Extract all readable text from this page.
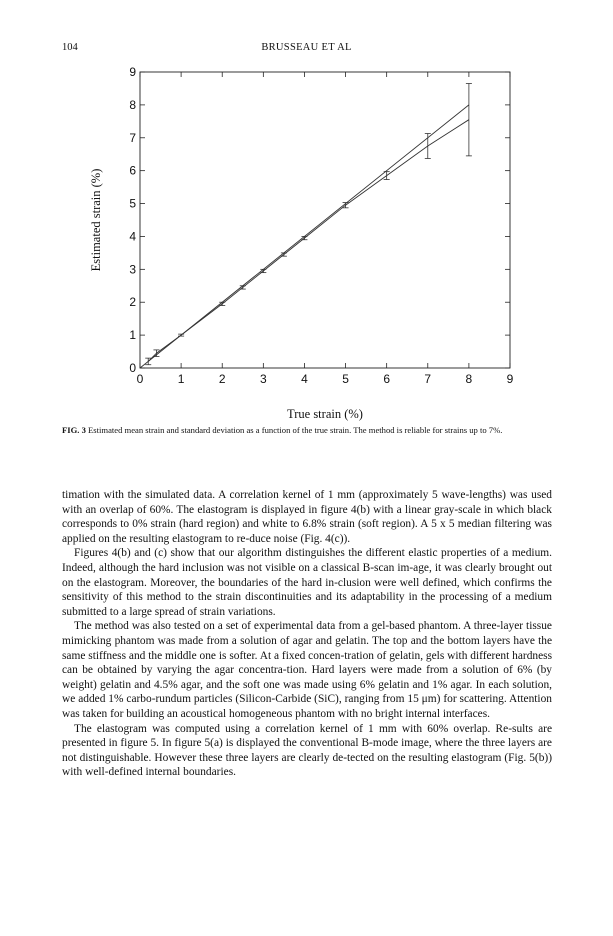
104	BRUSSEAU ET AL
0	1	2	3	4	5	6	7	8	9
0
1
2
3
4
5
6
7
8
9
True strain (%)
Estimated strain (%)
FIG. 3 Estimated mean strain and standard deviation as a function of the true strain. The method is reliable for strains up to 7%.

timation with the simulated data. A correlation kernel of 1 mm (approximately 5 wave-lengths) was used with an overlap of 60%. The elastogram is displayed in figure 4(b) with a linear gray-scale in which black corresponds to 0% strain (hard region) and white to 6.8% strain (soft region). A 5 x 5 median filtering was applied on the resulting elastogram to re-duce noise (Fig. 4(c)).

Figures 4(b) and (c) show that our algorithm distinguishes the different elastic properties of a medium. Indeed, although the hard inclusion was not visible on a classical B-scan im-age, it was clearly brought out on the elastogram. Moreover, the boundaries of the hard in-clusion were well defined, which confirms the sensitivity of this method to the strain discontinuities and its adaptability in the processing of a medium submitted to a large spread of strain variations.

The method was also tested on a set of experimental data from a gel-based phantom. A three-layer tissue mimicking phantom was made from a solution of agar and gelatin. The top and the bottom layers have the same stiffness and the middle one is softer. At a fixed concen-tration of gelatin, gels with different hardness can be obtained by varying the agar concentra-tion. Hard layers were made from a solution of 6% (by weight) gelatin and 4.5% agar, and the soft one was made using 6% gelatin and 1% agar. In each solution, we added 1% carbo-rundum particles (Silicon-Carbide (SiC), ranging from 15 μm) for scattering. Attention was taken for building an acoustical homogeneous phantom with no bright internal interfaces.

The elastogram was computed using a correlation kernel of 1 mm with 60% overlap. Re-sults are presented in figure 5. In figure 5(a) is displayed the conventional B-mode image, where the three layers are not distinguishable. However these three layers are clearly de-tected on the resulting elastogram (Fig. 5(b)) with well-defined internal boundaries.
